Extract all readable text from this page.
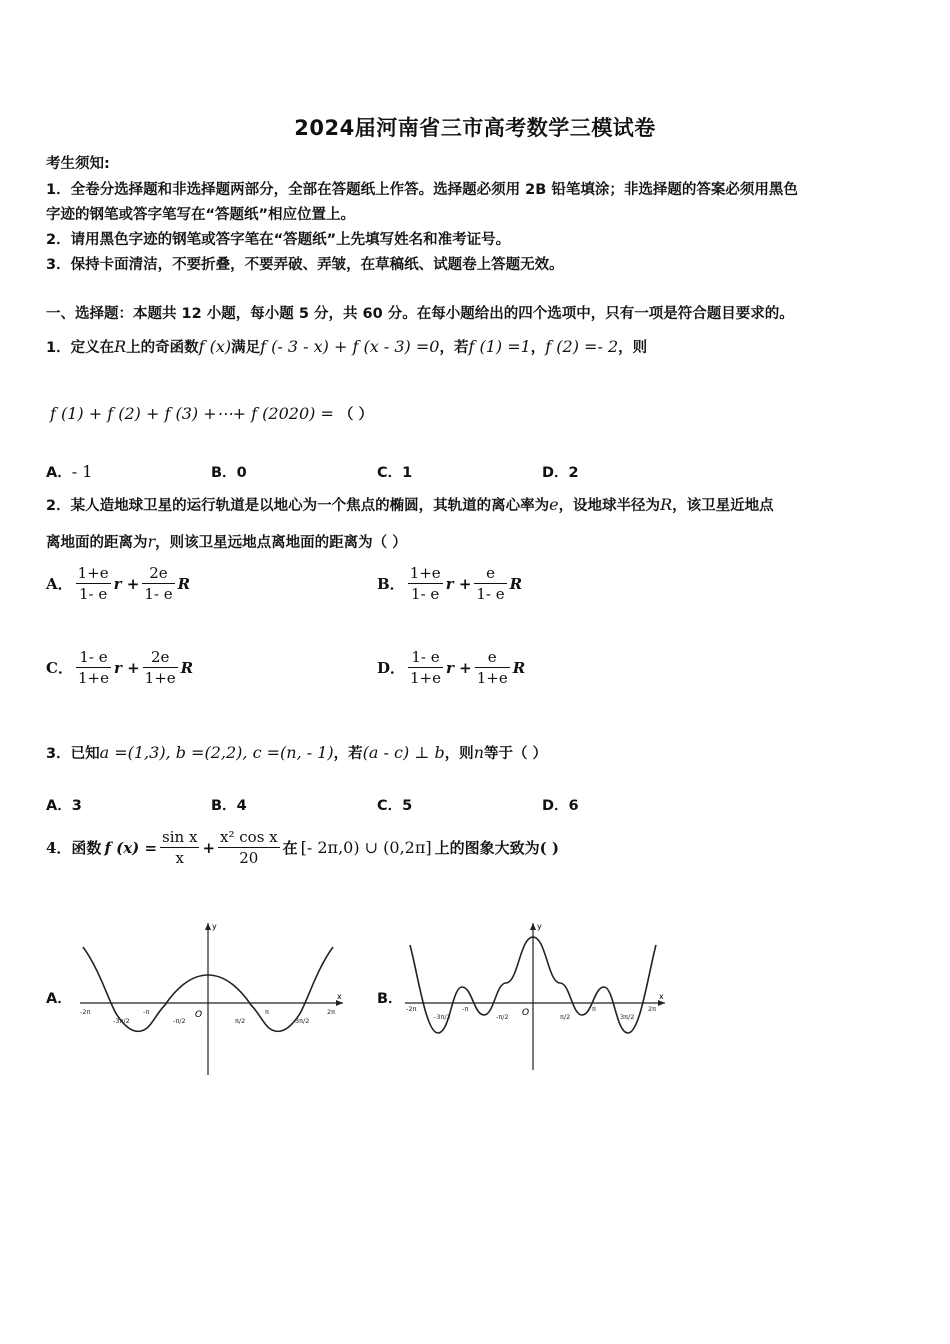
2024届河南省三市高考数学三模试卷
考生须知:
1．全卷分选择题和非选择题两部分，全部在答题纸上作答。选择题必须用 2B 铅笔填涂；非选择题的答案必须用黑色
字迹的钢笔或答字笔写在“答题纸”相应位置上。
2．请用黑色字迹的钢笔或答字笔在“答题纸”上先填写姓名和准考证号。
3．保持卡面清洁，不要折叠，不要弄破、弄皱，在草稿纸、试题卷上答题无效。
一、选择题：本题共 12 小题，每小题 5 分，共 60 分。在每小题给出的四个选项中，只有一项是符合题目要求的。
1．定义在R上的奇函数f (x)满足f (- 3 - x) + f (x - 3) =0，若f (1) =1，f (2) =- 2，则
f (1) + f (2) + f (3) +⋯+ f (2020) = （ ）
A．- 1	B．0	C．1	D．2
2．某人造地球卫星的运行轨道是以地心为一个焦点的椭圆，其轨道的离心率为e，设地球半径为R，该卫星近地点
离地面的距离为r，则该卫星远地点离地面的距离为（ ）
A． $\frac{1+e}{1- e}$ $r + \frac{2e}{1- e}$ R	B． $\frac{1+e}{1- e}$ $r + \frac{e}{1- e}$ R
C． $\frac{1- e}{1+e}$ $r + \frac{2e}{1+e}$ R	D． $\frac{1- e}{1+e}$ $r + \frac{e}{1+e}$ R
3．已知a =(1,3), b =(2,2), c =(n, - 1)，若(a - c) ⊥ b，则n等于（ ）
A．3	B．4	C．5	D．6
4．函数 f $(x) = \frac{\text{sin x}}{x} + \frac{\text{x² cos x}}{20}$ 在 [- 2π,0) ∪ (0,2π] 上的图象大致为( )
A．	B．
y
x
O
-2π
-3π/2
-π
-π/2	π/2
π
3π/2
2π
y
x
O
-2π
-3π/2
-π
-π/2	π/2
π
3π/2
2π
